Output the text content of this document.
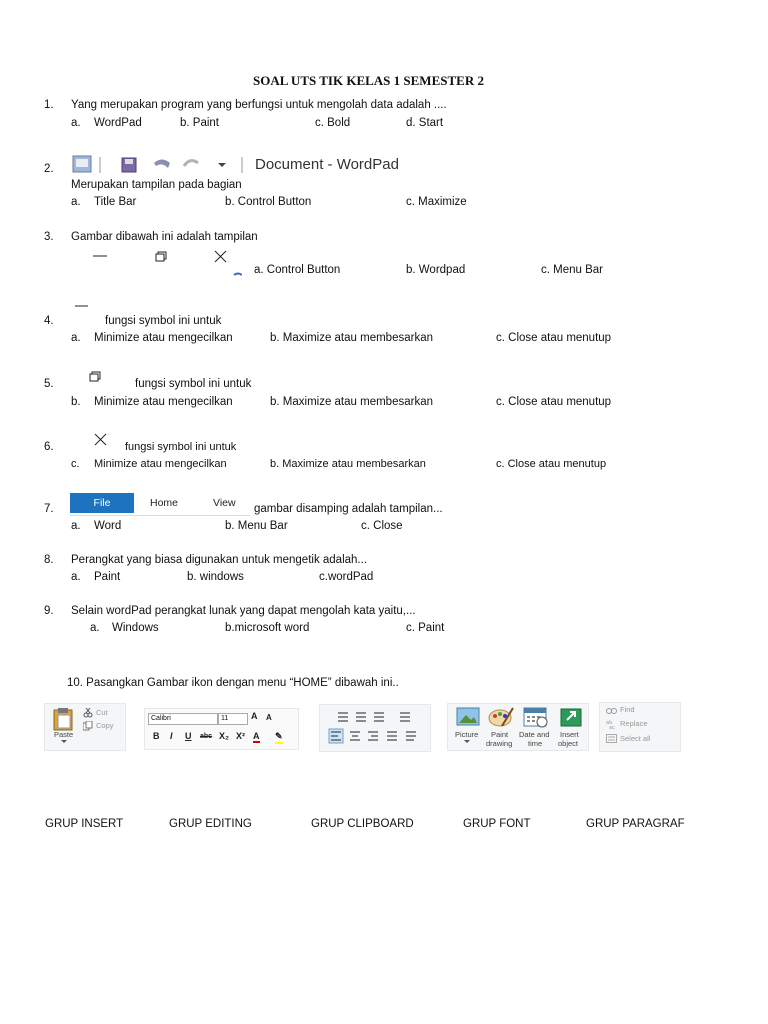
SOAL UTS TIK KELAS 1 SEMESTER 2
1. Yang merupakan program yang berfungsi untuk mengolah data adalah ....
a. WordPad	b. Paint	c. Bold	d. Start
2.	Document - WordPad
Merupakan tampilan pada bagian
a. Title Bar	b. Control Button	c. Maximize
3. Gambar dibawah ini adalah tampilan
a. Control Button	b. Wordpad	c. Menu Bar
4.	fungsi symbol ini untuk
a. Minimize atau mengecilkan	b. Maximize atau membesarkan	c. Close atau menutup
5.	fungsi symbol ini untuk
b. Minimize atau mengecilkan	b. Maximize atau membesarkan	c. Close atau menutup
6.	fungsi symbol ini untuk
c. Minimize atau mengecilkan	b. Maximize atau membesarkan	c. Close atau menutup
7.	File	Home	View gambar disamping adalah tampilan...
a. Word	b. Menu Bar	c. Close
8. Perangkat yang biasa digunakan untuk mengetik adalah...
a. Paint	b. windows	c.wordPad
9. Selain wordPad perangkat lunak yang dapat mengolah kata yaitu,...
a. Windows	b.microsoft word	c. Paint
10. Pasangkan Gambar ikon dengan menu “HOME” dibawah ini..
Paste
Cut
Copy
Calibri	11	A A
B I U abc X₂ X² A ✎	Picture Paint
drawing
Date and
time
Insert
object
Find
ab
ac Replace
Select all
GRUP INSERT	GRUP EDITING	GRUP CLIPBOARD	GRUP FONT	GRUP PARAGRAF
